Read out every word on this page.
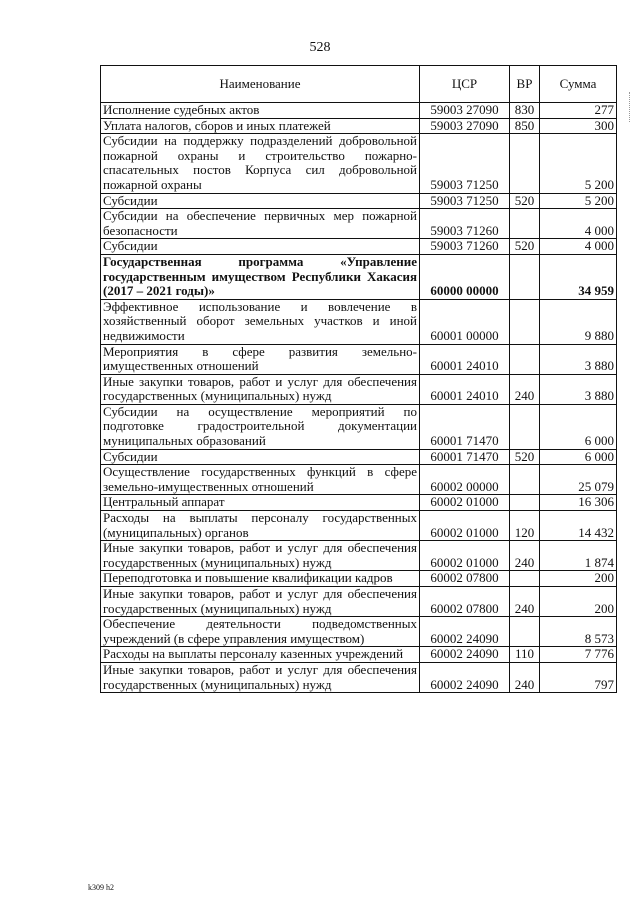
528
Наименование	ЦСР	ВР	Сумма
Исполнение судебных актов	59003 27090	830	277
Уплата налогов, сборов и иных платежей	59003 27090	850	300
Субсидии на поддержку подразделений добровольной пожарной охраны и строительство пожарно-спасательных постов Корпуса сил добровольной пожарной охраны	59003 71250		5 200
Субсидии	59003 71250	520	5 200
Субсидии на обеспечение первичных мер пожарной безопасности	59003 71260		4 000
Субсидии	59003 71260	520	4 000
Государственная программа «Управление государственным имуществом Республики Хакасия (2017 – 2021 годы)»	60000 00000		34 959
Эффективное использование и вовлечение в хозяйственный оборот земельных участков и иной недвижимости	60001 00000		9 880
Мероприятия в сфере развития земельно-имущественных отношений	60001 24010		3 880
Иные закупки товаров, работ и услуг для обеспечения государственных (муниципальных) нужд	60001 24010	240	3 880
Субсидии на осуществление мероприятий по подготовке градостроительной документации муниципальных образований	60001 71470		6 000
Субсидии	60001 71470	520	6 000
Осуществление государственных функций в сфере земельно-имущественных отношений	60002 00000		25 079
Центральный аппарат	60002 01000		16 306
Расходы на выплаты персоналу государственных (муниципальных) органов	60002 01000	120	14 432
Иные закупки товаров, работ и услуг для обеспечения государственных (муниципальных) нужд	60002 01000	240	1 874
Переподготовка и повышение квалификации кадров	60002 07800		200
Иные закупки товаров, работ и услуг для обеспечения государственных (муниципальных) нужд	60002 07800	240	200
Обеспечение деятельности подведомственных учреждений (в сфере управления имуществом)	60002 24090		8 573
Расходы на выплаты персоналу казенных учреждений	60002 24090	110	7 776
Иные закупки товаров, работ и услуг для обеспечения государственных (муниципальных) нужд	60002 24090	240	797
k309 h2
